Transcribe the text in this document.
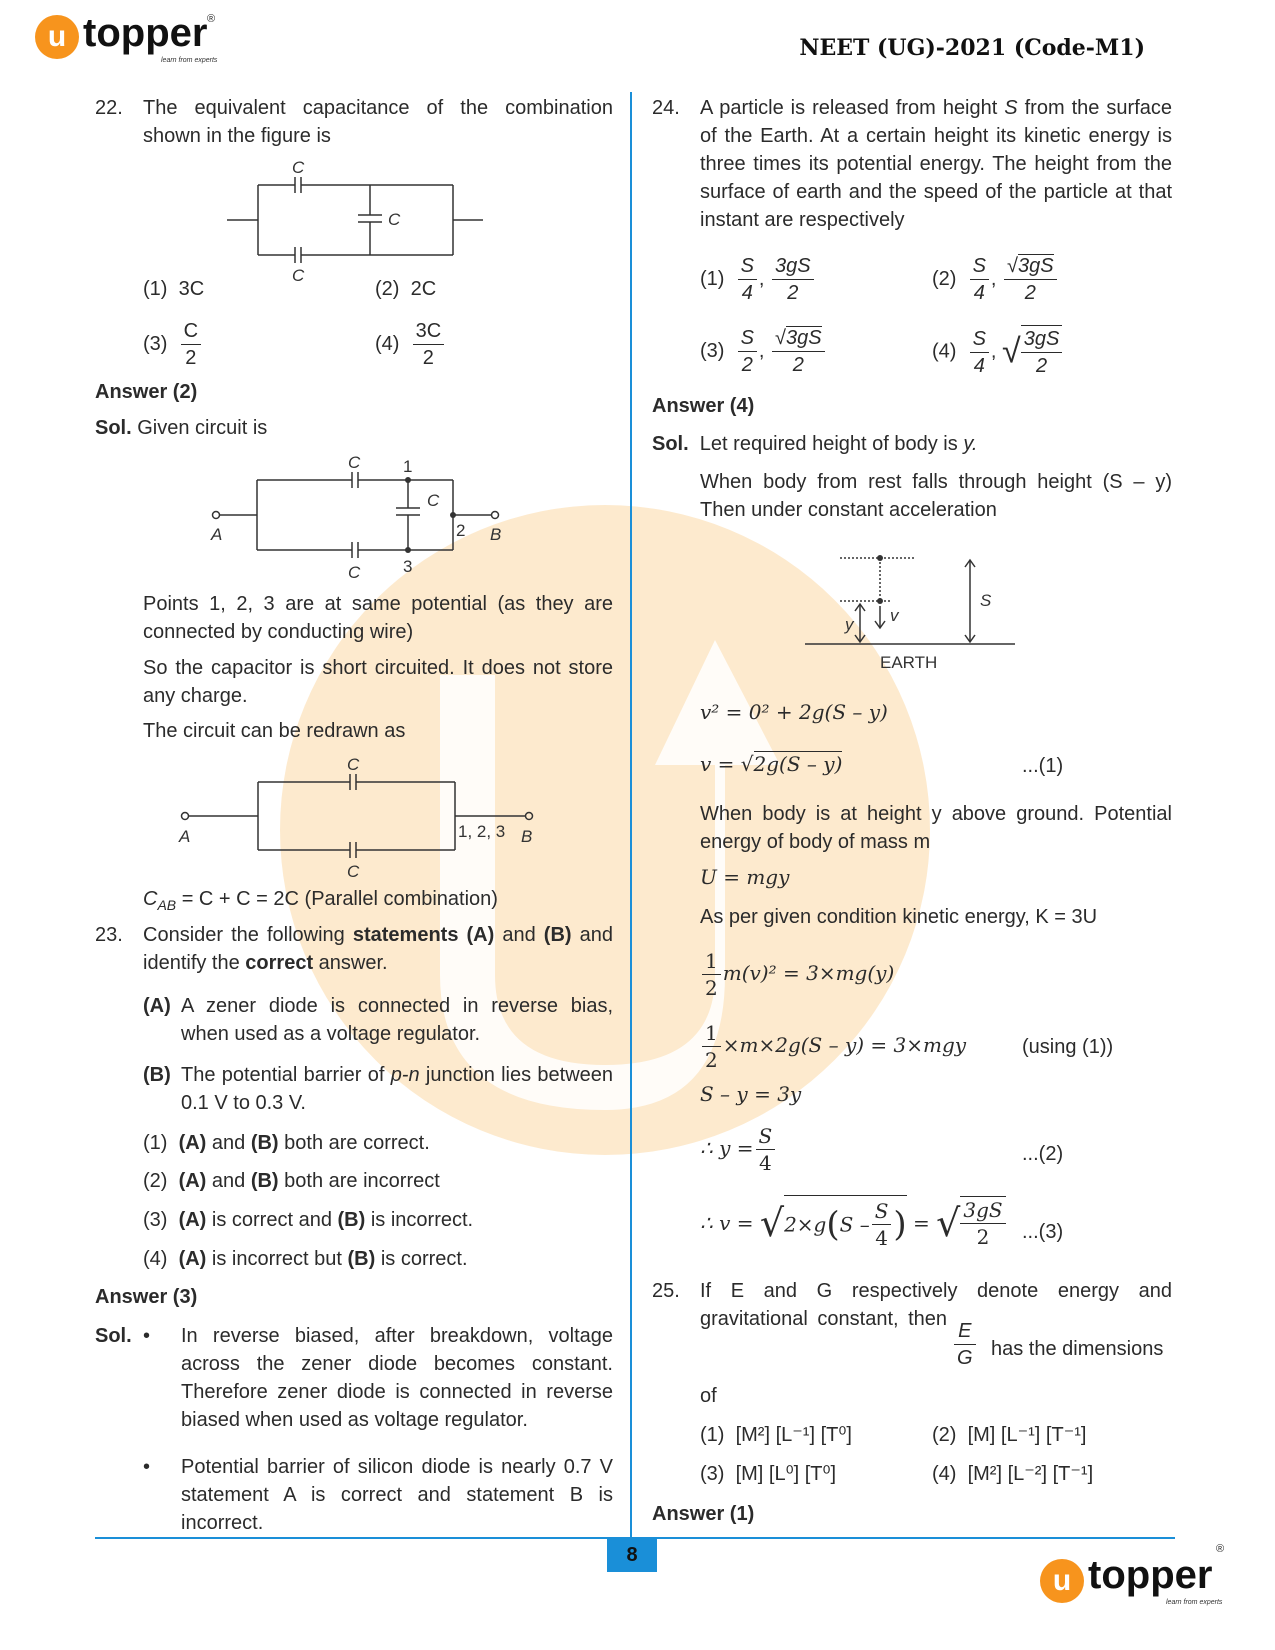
u topper ®
learn from experts	NEET (UG)-2021 (Code-M1)
22. The equivalent capacitance of the combination shown in the figure is
C
C
C
(1) 3C	(2) 2C
$(3) \frac{C}{2}$	$(4) \frac{3C}{2}$
Answer (2)
Sol. Given circuit is
C	1
C
2
3
C
A	B
Points 1, 2, 3 are at same potential (as they are connected by conducting wire)
So the capacitor is short circuited. It does not store any charge.
The circuit can be redrawn as
C
C
A	B
1, 2, 3
$C_{AB} = C + C = 2C$ (Parallel combination)
23. Consider the following statements (A) and (B) and identify the correct answer.
(A) A zener diode is connected in reverse bias, when used as a voltage regulator.
(B) The potential barrier of p-n junction lies between 0.1 V to 0.3 V.
(1) (A) and (B) both are correct.
(2) (A) and (B) both are incorrect
(3) (A) is correct and (B) is incorrect.
(4) (A) is incorrect but (B) is correct.
Answer (3)
Sol. • In reverse biased, after breakdown, voltage across the zener diode becomes constant. Therefore zener diode is connected in reverse biased when used as voltage regulator.
• Potential barrier of silicon diode is nearly 0.7 V statement A is correct and statement B is incorrect.
24. A particle is released from height S from the surface of the Earth. At a certain height its kinetic energy is three times its potential energy. The height from the surface of earth and the speed of the particle at that instant are respectively
$(1) \frac{S}{4}$ , $\frac{3gS}{2}$	$(2) \frac{S}{4}$ , $\frac{√3gS}{2}$
$(3) \frac{S}{2}$ , $\frac{√3gS}{2}$	$(4) \frac{S}{4}$ , √ $\frac{3gS}{2}$
Answer (4)
Sol. Let required height of body is y.
When body from rest falls through height (S – y) Then under constant acceleration
v
y
S
EARTH
v² = 0² + 2g(S – y)
v = √2g(S – y)	...(1)
When body is at height y above ground. Potential energy of body of mass m
U = mgy
As per given condition kinetic energy, K = 3U
$\frac{1}{2} m(v)^2 = 3\times mg(y)$
$\frac{1}{2} \times m\times 2g(S - y) = 3\times mgy$	(using (1))
S – y = 3y
∴ $y = \frac{S}{4}$	...(2)
∴ $v = √2\times g(S - \frac{S}{4}$ ) = √ $\frac{3gS}{2} ...(3)$
25. If E and G respectively denote energy and gravitational constant, then $\frac{E}{G}$ has the dimensions
of
(1) [M²] [L⁻¹] [T⁰]	(2) [M] [L⁻¹] [T⁻¹]
(3) [M] [L⁰] [T⁰]	(4) [M²] [L⁻²] [T⁻¹]
Answer (1)
8
u topper
®
learn from experts
